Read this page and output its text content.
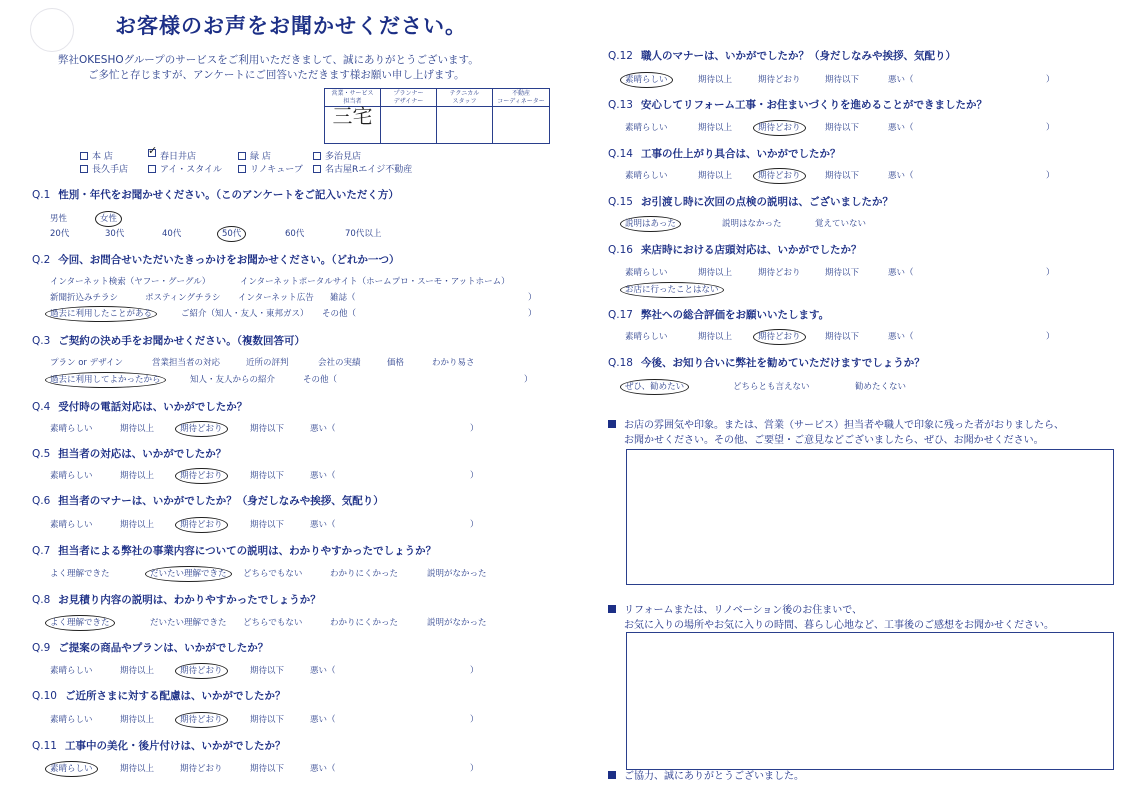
お客様のお声をお聞かせください。
弊社OKESHOグループのサービスをご利用いただきまして、誠にありがとうございます。
ご多忙と存じますが、アンケートにご回答いただきます様お願い申し上げます。
営業・サービス
担当者
プランナー
デザイナー
テクニカル
スタッフ
不動産
コーディネーター
三宅
本 店
✓	春日井店	緑 店	多治見店
長久手店	アイ・スタイル	リノキューブ	名古屋Rエイジ不動産
Q.1 性別・年代をお聞かせください。（このアンケートをご記入いただく方）
男性	女性
20代	30代	40代	50代	60代	70代以上
Q.2 今回、お問合せいただいたきっかけをお聞かせください。（どれか一つ）
インターネット検索（ヤフー・グーグル）	インターネットポータルサイト（ホームプロ・スーモ・アットホーム）
新聞折込みチラシ	ポスティングチラシ インターネット広告 雑誌（	）
過去に利用したことがある	ご紹介（知人・友人・東邦ガス） その他（	）
Q.3 ご契約の決め手をお聞かせください。（複数回答可）
プラン or デザイン	営業担当者の対応	近所の評判	会社の実績	価格	わかり易さ
過去に利用してよかったから	知人・友人からの紹介	その他（	）
Q.4 受付時の電話対応は、いかがでしたか？
素晴らしい	期待以上	期待どおり	期待以下	悪い（	）
Q.5 担当者の対応は、いかがでしたか？
素晴らしい	期待以上	期待どおり	期待以下	悪い（	）
Q.6 担当者のマナーは、いかがでしたか？（身だしなみや挨拶、気配り）
素晴らしい	期待以上	期待どおり	期待以下	悪い（	）
Q.7 担当者による弊社の事業内容についての説明は、わかりやすかったでしょうか？
よく理解できた	だいたい理解できた どちらでもない	わかりにくかった	説明がなかった
Q.8 お見積り内容の説明は、わかりやすかったでしょうか？
よく理解できた	だいたい理解できた どちらでもない	わかりにくかった	説明がなかった
Q.9 ご提案の商品やプランは、いかがでしたか？
素晴らしい	期待以上	期待どおり	期待以下	悪い（	）
Q.10 ご近所さまに対する配慮は、いかがでしたか？
素晴らしい	期待以上	期待どおり	期待以下	悪い（	）
Q.11 工事中の美化・後片付けは、いかがでしたか？
素晴らしい	期待以上	期待どおり	期待以下	悪い（	）
Q.12 職人のマナーは、いかがでしたか？（身だしなみや挨拶、気配り）
素晴らしい	期待以上	期待どおり	期待以下	悪い（	）
Q.13 安心してリフォーム工事・お住まいづくりを進めることができましたか？
素晴らしい	期待以上	期待どおり	期待以下	悪い（	）
Q.14 工事の仕上がり具合は、いかがでしたか？
素晴らしい	期待以上	期待どおり	期待以下	悪い（	）
Q.15 お引渡し時に次回の点検の説明は、ございましたか？
説明はあった	説明はなかった	覚えていない
Q.16 来店時における店頭対応は、いかがでしたか？
素晴らしい	期待以上	期待どおり	期待以下	悪い（	）
お店に行ったことはない
Q.17 弊社への総合評価をお願いいたします。
素晴らしい	期待以上	期待どおり	期待以下	悪い（	）
Q.18 今後、お知り合いに弊社を勧めていただけますでしょうか？
ぜひ、勧めたい	どちらとも言えない	勧めたくない
お店の雰囲気や印象。または、営業（サービス）担当者や職人で印象に残った者がおりましたら、
お聞かせください。その他、ご要望・ご意見などございましたら、ぜひ、お聞かせください。
リフォームまたは、リノベーション後のお住まいで、
お気に入りの場所やお気に入りの時間、暮らし心地など、工事後のご感想をお聞かせください。
ご協力、誠にありがとうございました。
